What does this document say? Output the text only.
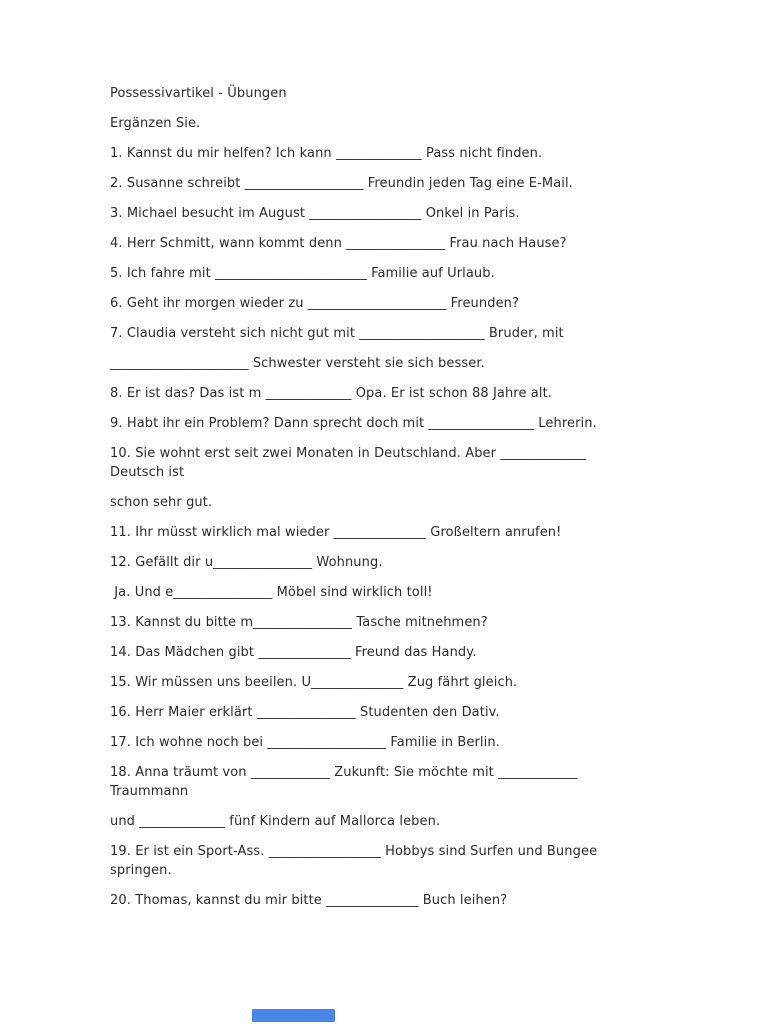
Possessivartikel - Übungen
Ergänzen Sie.
1. Kannst du mir helfen? Ich kann _____________ Pass nicht finden.
2. Susanne schreibt __________________ Freundin jeden Tag eine E-Mail.
3. Michael besucht im August _________________ Onkel in Paris.
4. Herr Schmitt, wann kommt denn _______________ Frau nach Hause?
5. Ich fahre mit _______________________ Familie auf Urlaub.
6. Geht ihr morgen wieder zu _____________________ Freunden?
7. Claudia versteht sich nicht gut mit ___________________ Bruder, mit
_____________________ Schwester versteht sie sich besser.
8. Er ist das? Das ist m _____________ Opa. Er ist schon 88 Jahre alt.
9. Habt ihr ein Problem? Dann sprecht doch mit ________________ Lehrerin.
10. Sie wohnt erst seit zwei Monaten in Deutschland. Aber _____________
Deutsch ist
schon sehr gut.
11. Ihr müsst wirklich mal wieder ______________ Großeltern anrufen!
12. Gefällt dir u_______________ Wohnung.
Ja. Und e_______________ Möbel sind wirklich toll!
13. Kannst du bitte m_______________ Tasche mitnehmen?
14. Das Mädchen gibt ______________ Freund das Handy.
15. Wir müssen uns beeilen. U______________ Zug fährt gleich.
16. Herr Maier erklärt _______________ Studenten den Dativ.
17. Ich wohne noch bei __________________ Familie in Berlin.
18. Anna träumt von ____________ Zukunft: Sie möchte mit ____________
Traummann
und _____________ fünf Kindern auf Mallorca leben.
19. Er ist ein Sport-Ass. _________________ Hobbys sind Surfen und Bungee
springen.
20. Thomas, kannst du mir bitte ______________ Buch leihen?
